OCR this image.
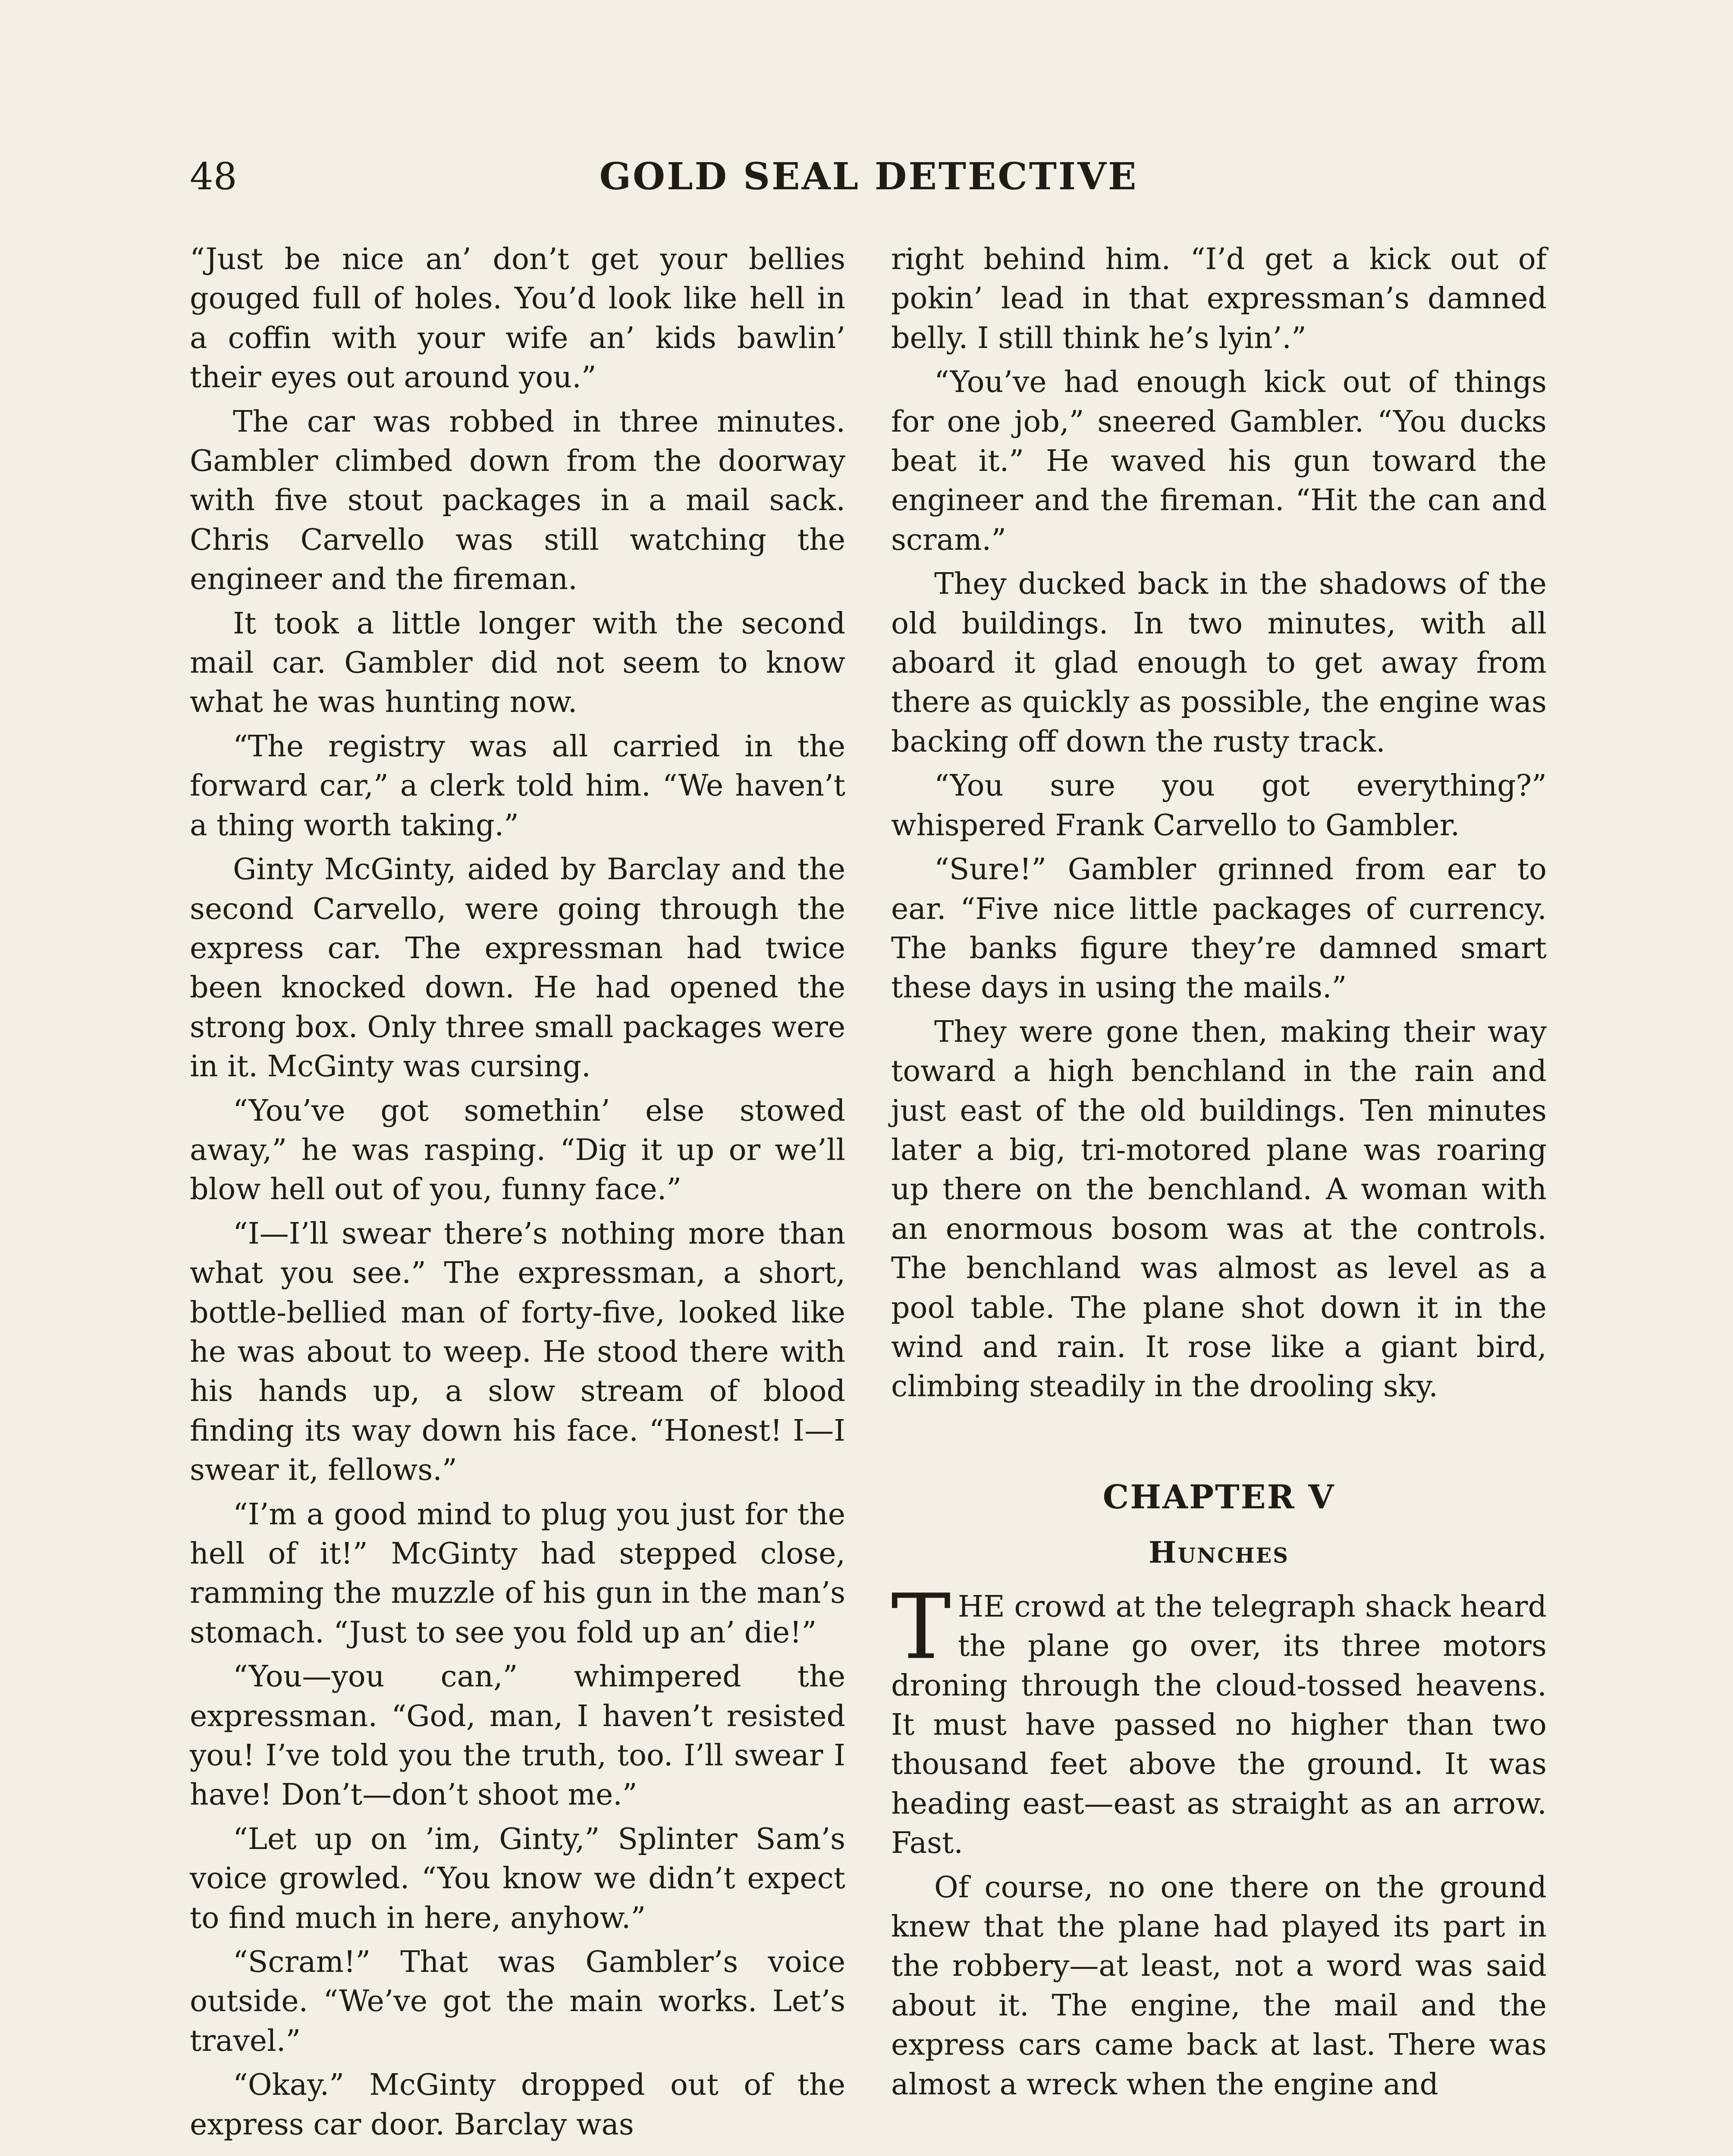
48	GOLD SEAL DETECTIVE

“Just be nice an’ don’t get your bellies gouged full of holes. You’d look like hell in a coffin with your wife an’ kids bawlin’ their eyes out around you.”

The car was robbed in three minutes. Gambler climbed down from the doorway with five stout packages in a mail sack. Chris Carvello was still watching the engineer and the fireman.

It took a little longer with the second mail car. Gambler did not seem to know what he was hunting now.

“The registry was all carried in the forward car,” a clerk told him. “We haven’t a thing worth taking.”

Ginty McGinty, aided by Barclay and the second Carvello, were going through the express car. The expressman had twice been knocked down. He had opened the strong box. Only three small packages were in it. McGinty was cursing.

“You’ve got somethin’ else stowed away,” he was rasping. “Dig it up or we’ll blow hell out of you, funny face.”

“I—I’ll swear there’s nothing more than what you see.” The expressman, a short, bottle-bellied man of forty-five, looked like he was about to weep. He stood there with his hands up, a slow stream of blood finding its way down his face. “Honest! I—I swear it, fellows.”

“I’m a good mind to plug you just for the hell of it!” McGinty had stepped close, ramming the muzzle of his gun in the man’s stomach. “Just to see you fold up an’ die!”

“You—you can,” whimpered the expressman. “God, man, I haven’t resisted you! I’ve told you the truth, too. I’ll swear I have! Don’t—don’t shoot me.”

“Let up on ’im, Ginty,” Splinter Sam’s voice growled. “You know we didn’t expect to find much in here, anyhow.”

“Scram!” That was Gambler’s voice outside. “We’ve got the main works. Let’s travel.”

“Okay.” McGinty dropped out of the express car door. Barclay was

right behind him. “I’d get a kick out of pokin’ lead in that expressman’s damned belly. I still think he’s lyin’.”

“You’ve had enough kick out of things for one job,” sneered Gambler. “You ducks beat it.” He waved his gun toward the engineer and the fireman. “Hit the can and scram.”

They ducked back in the shadows of the old buildings. In two minutes, with all aboard it glad enough to get away from there as quickly as possible, the engine was backing off down the rusty track.

“You sure you got everything?” whispered Frank Carvello to Gambler.

“Sure!” Gambler grinned from ear to ear. “Five nice little packages of currency. The banks figure they’re damned smart these days in using the mails.”

They were gone then, making their way toward a high benchland in the rain and just east of the old buildings. Ten minutes later a big, tri-motored plane was roaring up there on the benchland. A woman with an enormous bosom was at the controls. The benchland was almost as level as a pool table. The plane shot down it in the wind and rain. It rose like a giant bird, climbing steadily in the drooling sky.

CHAPTER V
Hunches

THE crowd at the telegraph shack heard the plane go over, its three motors droning through the cloud-tossed heavens. It must have passed no higher than two thousand feet above the ground. It was heading east—east as straight as an arrow. Fast.

Of course, no one there on the ground knew that the plane had played its part in the robbery—at least, not a word was said about it. The engine, the mail and the express cars came back at last. There was almost a wreck when the engine and
